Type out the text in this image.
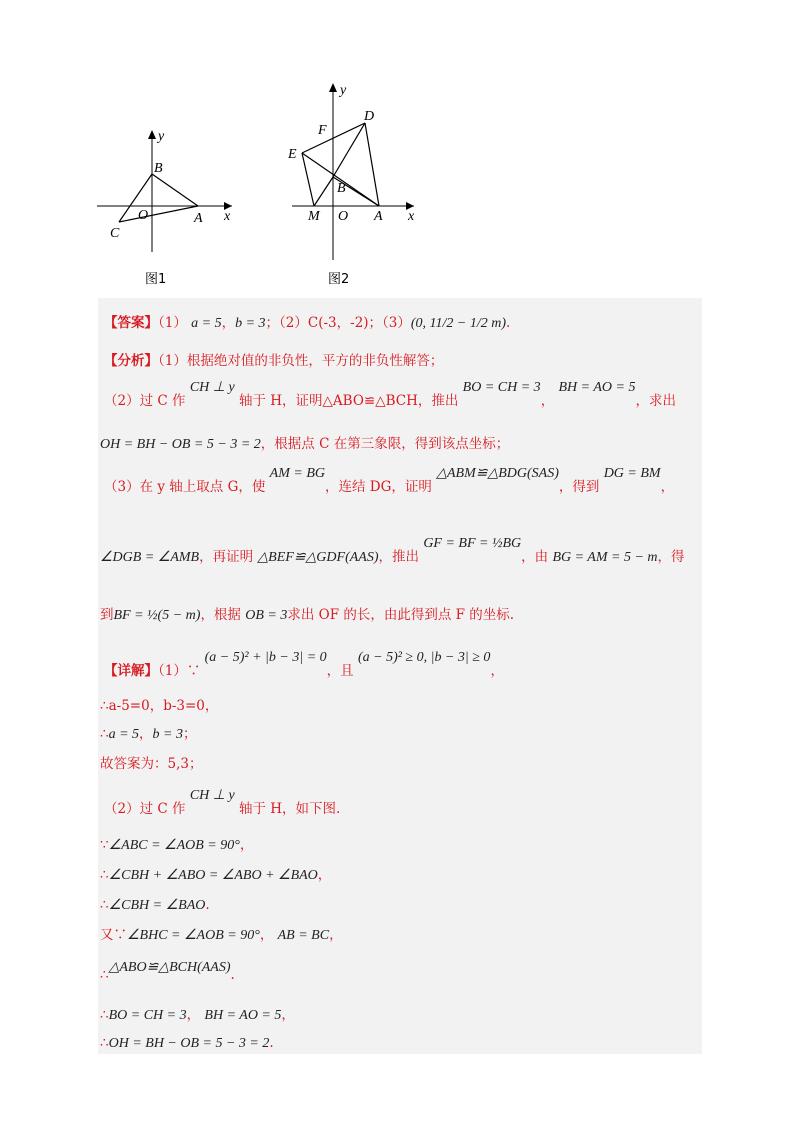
y
B
O	A x
C
图1
y
D
F
E
B
M O A x
图2
【答案】（1） a = 5，b = 3；（2）C(-3，-2)；（3）(0, 11/2 − 1/2 m).
【分析】（1）根据绝对值的非负性，平方的非负性解答；
（2）过 C 作 CH ⊥ y 轴于 H，证明△ABO≌△BCH，推出 BO = CH = 3， BH = AO = 5，求出
OH = BH − OB = 5 − 3 = 2，根据点 C 在第三象限，得到该点坐标；
（3）在 y 轴上取点 G，使 AM = BG，连结 DG，证明 △ABM≌△BDG(SAS)，得到 DG = BM，
∠DGB = ∠AMB，再证明 △BEF≌△GDF(AAS)，推出 GF = BF = ½BG，由 BG = AM = 5 − m，得
到BF = ½(5 − m)，根据 OB = 3求出 OF 的长，由此得到点 F 的坐标.
【详解】（1）∵ (a − 5)² + |b − 3| = 0，且 (a − 5)² ≥ 0, |b − 3| ≥ 0，
∴a-5=0，b-3=0，
∴a = 5，b = 3；
故答案为：5,3；
（2）过 C 作 CH ⊥ y 轴于 H，如下图.
∵∠ABC = ∠AOB = 90°，
∴∠CBH + ∠ABO = ∠ABO + ∠BAO，
∴∠CBH = ∠BAO.
又∵∠BHC = ∠AOB = 90°， AB = BC，
∴△ABO≌△BCH(AAS).
∴BO = CH = 3， BH = AO = 5，
∴OH = BH − OB = 5 − 3 = 2.
